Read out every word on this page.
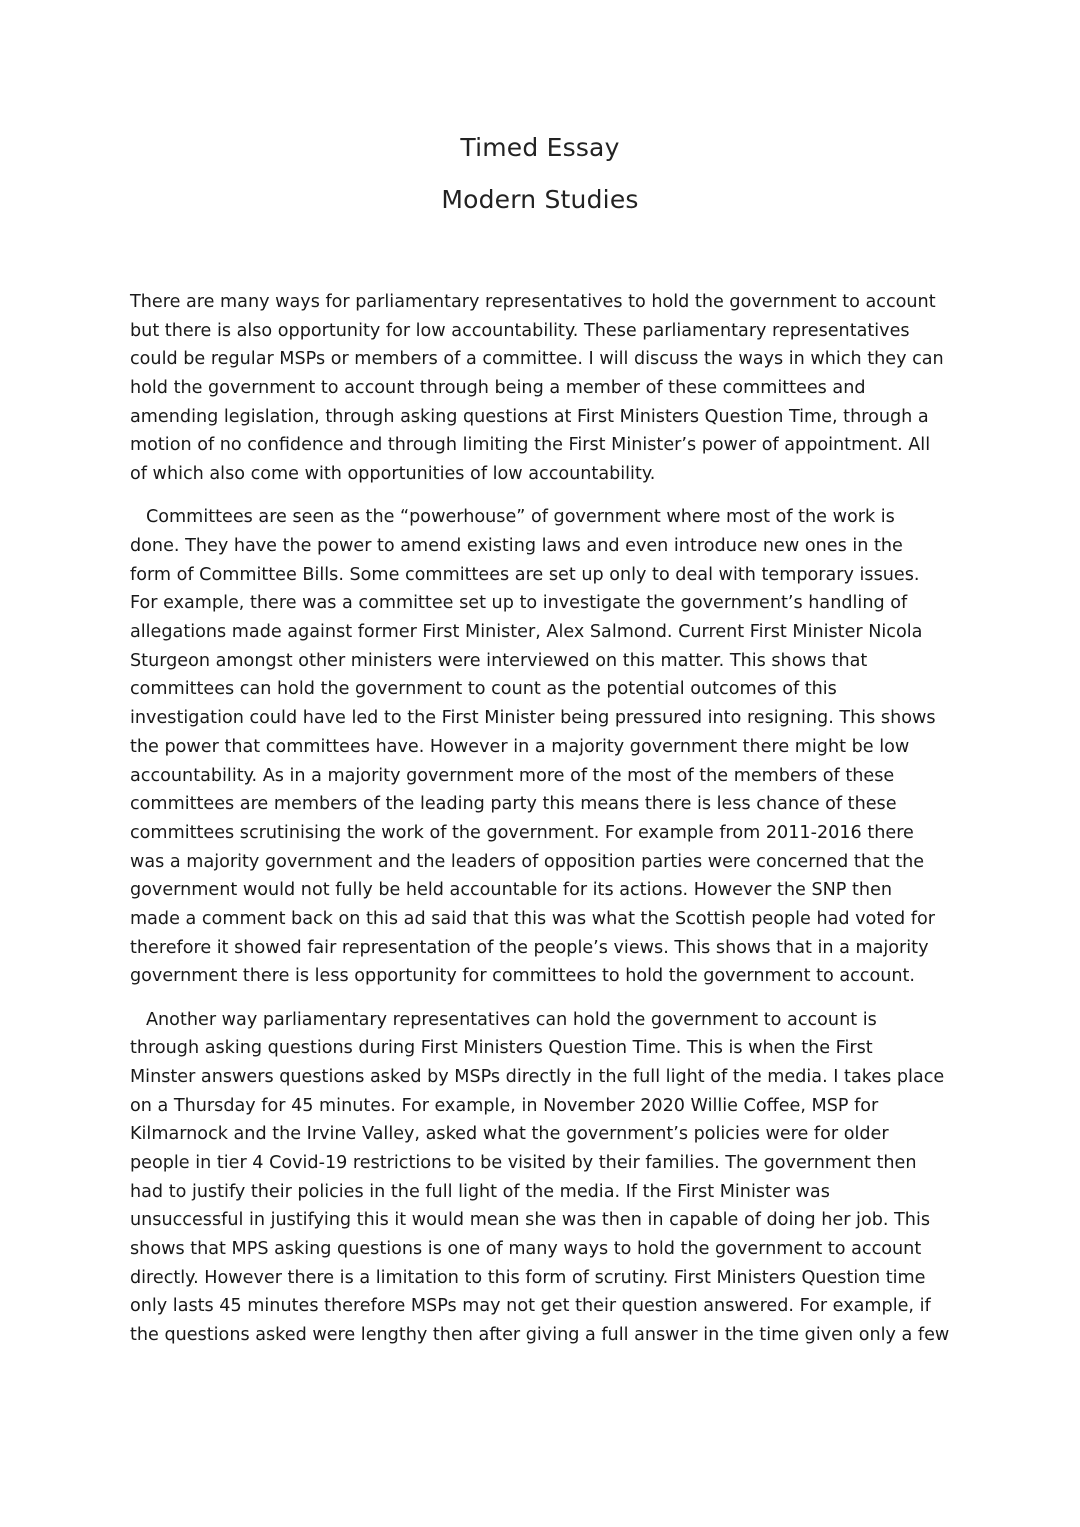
Timed Essay
Modern Studies
There are many ways for parliamentary representatives to hold the government to account
but there is also opportunity for low accountability. These parliamentary representatives
could be regular MSPs or members of a committee. I will discuss the ways in which they can
hold the government to account through being a member of these committees and
amending legislation, through asking questions at First Ministers Question Time, through a
motion of no confidence and through limiting the First Minister’s power of appointment. All
of which also come with opportunities of low accountability.
Committees are seen as the “powerhouse” of government where most of the work is
done. They have the power to amend existing laws and even introduce new ones in the
form of Committee Bills. Some committees are set up only to deal with temporary issues.
For example, there was a committee set up to investigate the government’s handling of
allegations made against former First Minister, Alex Salmond. Current First Minister Nicola
Sturgeon amongst other ministers were interviewed on this matter. This shows that
committees can hold the government to count as the potential outcomes of this
investigation could have led to the First Minister being pressured into resigning. This shows
the power that committees have. However in a majority government there might be low
accountability. As in a majority government more of the most of the members of these
committees are members of the leading party this means there is less chance of these
committees scrutinising the work of the government. For example from 2011-2016 there
was a majority government and the leaders of opposition parties were concerned that the
government would not fully be held accountable for its actions. However the SNP then
made a comment back on this ad said that this was what the Scottish people had voted for
therefore it showed fair representation of the people’s views. This shows that in a majority
government there is less opportunity for committees to hold the government to account.
Another way parliamentary representatives can hold the government to account is
through asking questions during First Ministers Question Time. This is when the First
Minster answers questions asked by MSPs directly in the full light of the media. I takes place
on a Thursday for 45 minutes. For example, in November 2020 Willie Coffee, MSP for
Kilmarnock and the Irvine Valley, asked what the government’s policies were for older
people in tier 4 Covid-19 restrictions to be visited by their families. The government then
had to justify their policies in the full light of the media. If the First Minister was
unsuccessful in justifying this it would mean she was then in capable of doing her job. This
shows that MPS asking questions is one of many ways to hold the government to account
directly. However there is a limitation to this form of scrutiny. First Ministers Question time
only lasts 45 minutes therefore MSPs may not get their question answered. For example, if
the questions asked were lengthy then after giving a full answer in the time given only a few
